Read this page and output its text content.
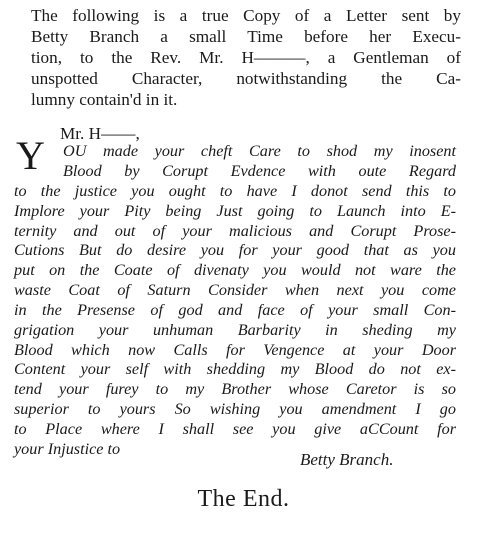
The following is a true Copy of a Letter sent by
Betty Branch a small Time before her Execu-
tion, to the Rev. Mr. H———, a Gentleman of
unspotted Character, notwithstanding the Ca-
lumny contain'd in it.
Mr. H——,
Y OU made your cheft Care to shod my inosent
Blood by Corupt Evdence with oute Regard
to the justice you ought to have I donot send this to
Implore your Pity being Just going to Launch into E-
ternity and out of your malicious and Corupt Prose-
Cutions But do desire you for your good that as you
put on the Coate of divenaty you would not ware the
waste Coat of Saturn Consider when next you come
in the Presense of god and face of your small Con-
grigation your unhuman Barbarity in sheding my
Blood which now Calls for Vengence at your Door
Content your self with shedding my Blood do not ex-
tend your furey to my Brother whose Caretor is so
superior to yours So wishing you amendment I go
to Place where I shall see you give aCCount for
your Injustice to
Betty Branch.
The End.
